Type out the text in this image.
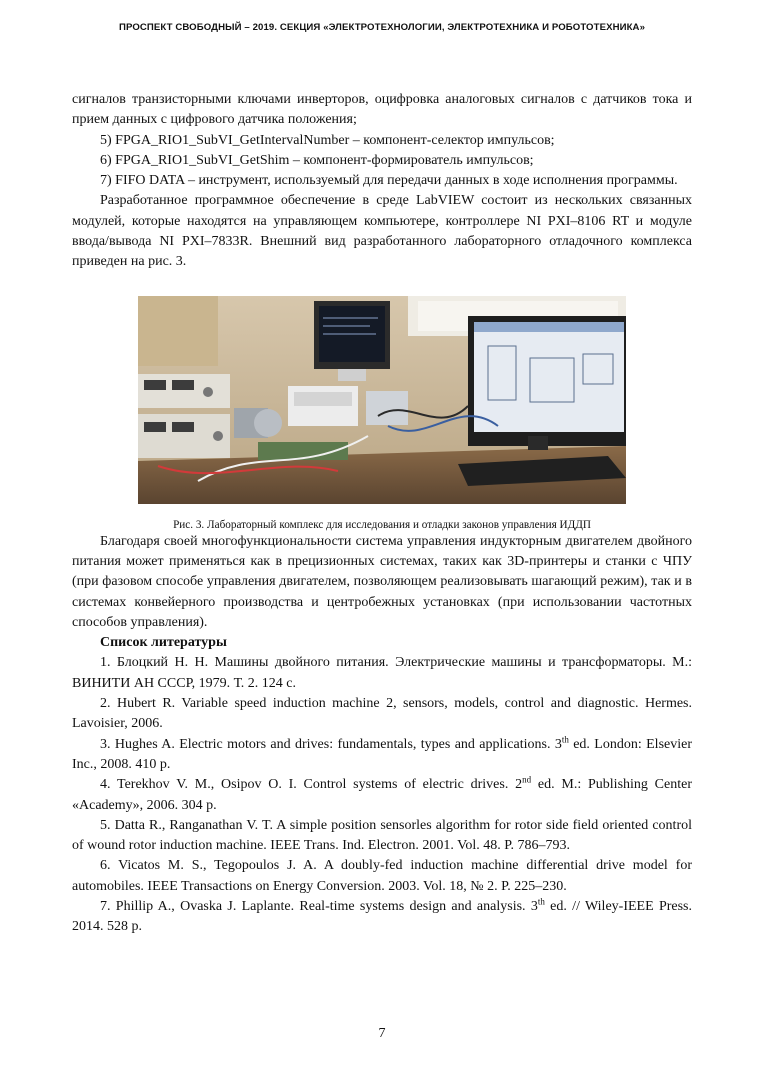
ПРОСПЕКТ СВОБОДНЫЙ – 2019. СЕКЦИЯ «ЭЛЕКТРОТЕХНОЛОГИИ, ЭЛЕКТРОТЕХНИКА И РОБОТОТЕХНИКА»

сигналов транзисторными ключами инверторов, оцифровка аналоговых сигналов с датчиков тока и прием данных с цифрового датчика положения;

5) FPGA_RIO1_SubVI_GetIntervalNumber – компонент-селектор импульсов;

6) FPGA_RIO1_SubVI_GetShim – компонент-формирователь импульсов;

7) FIFO DATA – инструмент, используемый для передачи данных в ходе исполнения программы.

Разработанное программное обеспечение в среде LabVIEW состоит из нескольких связанных модулей, которые находятся на управляющем компьютере, контроллере NI PXI–8106 RT и модуле ввода/вывода NI PXI–7833R. Внешний вид разработанного лабораторного отладочного комплекса приведен на рис. 3.

Рис. 3. Лабораторный комплекс для исследования и отладки законов управления ИДДП

Благодаря своей многофункциональности система управления индукторным двигателем двойного питания может применяться как в прецизионных системах, таких как 3D-принтеры и станки с ЧПУ (при фазовом способе управления двигателем, позволяющем реализовывать шагающий режим), так и в системах конвейерного производства и центробежных установках (при использовании частотных способов управления).

Список литературы

1. Блоцкий Н. Н. Машины двойного питания. Электрические машины и трансформаторы. М.: ВИНИТИ АН СССР, 1979. Т. 2. 124 с.

2. Hubert R. Variable speed induction machine 2, sensors, models, control and diagnostic. Hermes. Lavoisier, 2006.

3. Hughes A. Electric motors and drives: fundamentals, types and applications. 3th ed. London: Elsevier Inc., 2008. 410 p.

4. Terekhov V. M., Osipov O. I. Control systems of electric drives. 2nd ed. M.: Publishing Center «Academy», 2006. 304 p.

5. Datta R., Ranganathan V. T. A simple position sensorles algorithm for rotor side field oriented control of wound rotor induction machine. IEEE Trans. Ind. Electron. 2001. Vol. 48. P. 786–793.

6. Vicatos M. S., Tegopoulos J. A. A doubly-fed induction machine differential drive model for automobiles. IEEE Transactions on Energy Conversion. 2003. Vol. 18, № 2. P. 225–230.

7. Phillip A., Ovaska J. Laplante. Real-time systems design and analysis. 3th ed. // Wiley-IEEE Press. 2014. 528 p.

7
